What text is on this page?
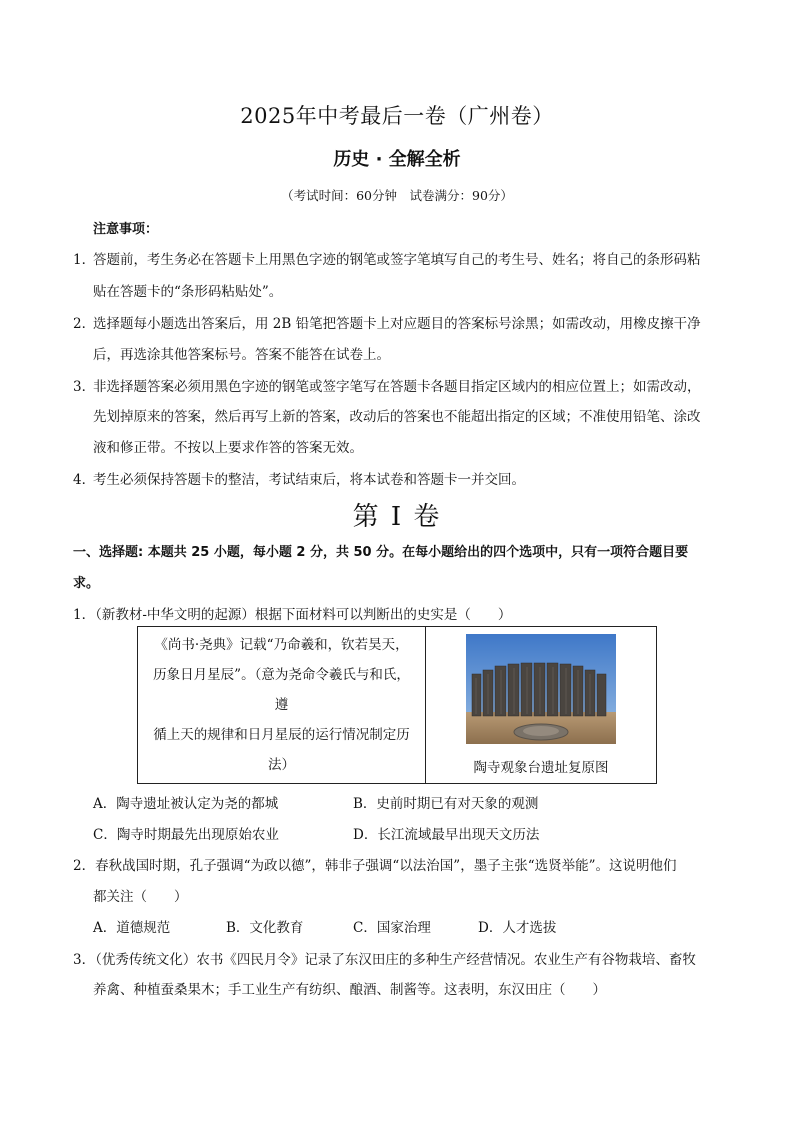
2025年中考最后一卷（广州卷）
历史 · 全解全析
（考试时间：60分钟　试卷满分：90分）
注意事项：
1．
答题前，考生务必在答题卡上用黑色字迹的钢笔或签字笔填写自己的考生号、姓名；将自己的条形码粘
贴在答题卡的“条形码粘贴处”。
2．
选择题每小题选出答案后，用 2B 铅笔把答题卡上对应题目的答案标号涂黑；如需改动，用橡皮擦干净
后，再选涂其他答案标号。答案不能答在试卷上。
3．
非选择题答案必须用黑色字迹的钢笔或签字笔写在答题卡各题目指定区域内的相应位置上；如需改动，
先划掉原来的答案，然后再写上新的答案，改动后的答案也不能超出指定的区域；不准使用铅笔、涂改
液和修正带。不按以上要求作答的答案无效。
4．
考生必须保持答题卡的整洁，考试结束后，将本试卷和答题卡一并交回。
第 I 卷
一、选择题: 本题共 25 小题，每小题 2 分，共 50 分。在每小题给出的四个选项中，只有一项符合题目要
求。
1．（新教材-中华文明的起源）根据下面材料可以判断出的史实是（　　）
《尚书·尧典》记载“乃命羲和，钦若昊天，
历象日月星辰”。（意为尧命令羲氏与和氏，遵
循上天的规律和日月星辰的运行情况制定历
法）	陶寺观象台遗址复原图
A．陶寺遗址被认定为尧的都城	B．史前时期已有对天象的观测
C．陶寺时期最先出现原始农业	D．长江流域最早出现天文历法
2．春秋战国时期，孔子强调“为政以德”，韩非子强调“以法治国”，墨子主张“选贤举能”。这说明他们
都关注（　　）
A．道德规范	B．文化教育	C．国家治理	D．人才选拔
3．（优秀传统文化）农书《四民月令》记录了东汉田庄的多种生产经营情况。农业生产有谷物栽培、畜牧
养禽、种植蚕桑果木；手工业生产有纺织、酿酒、制酱等。这表明，东汉田庄（　　）
